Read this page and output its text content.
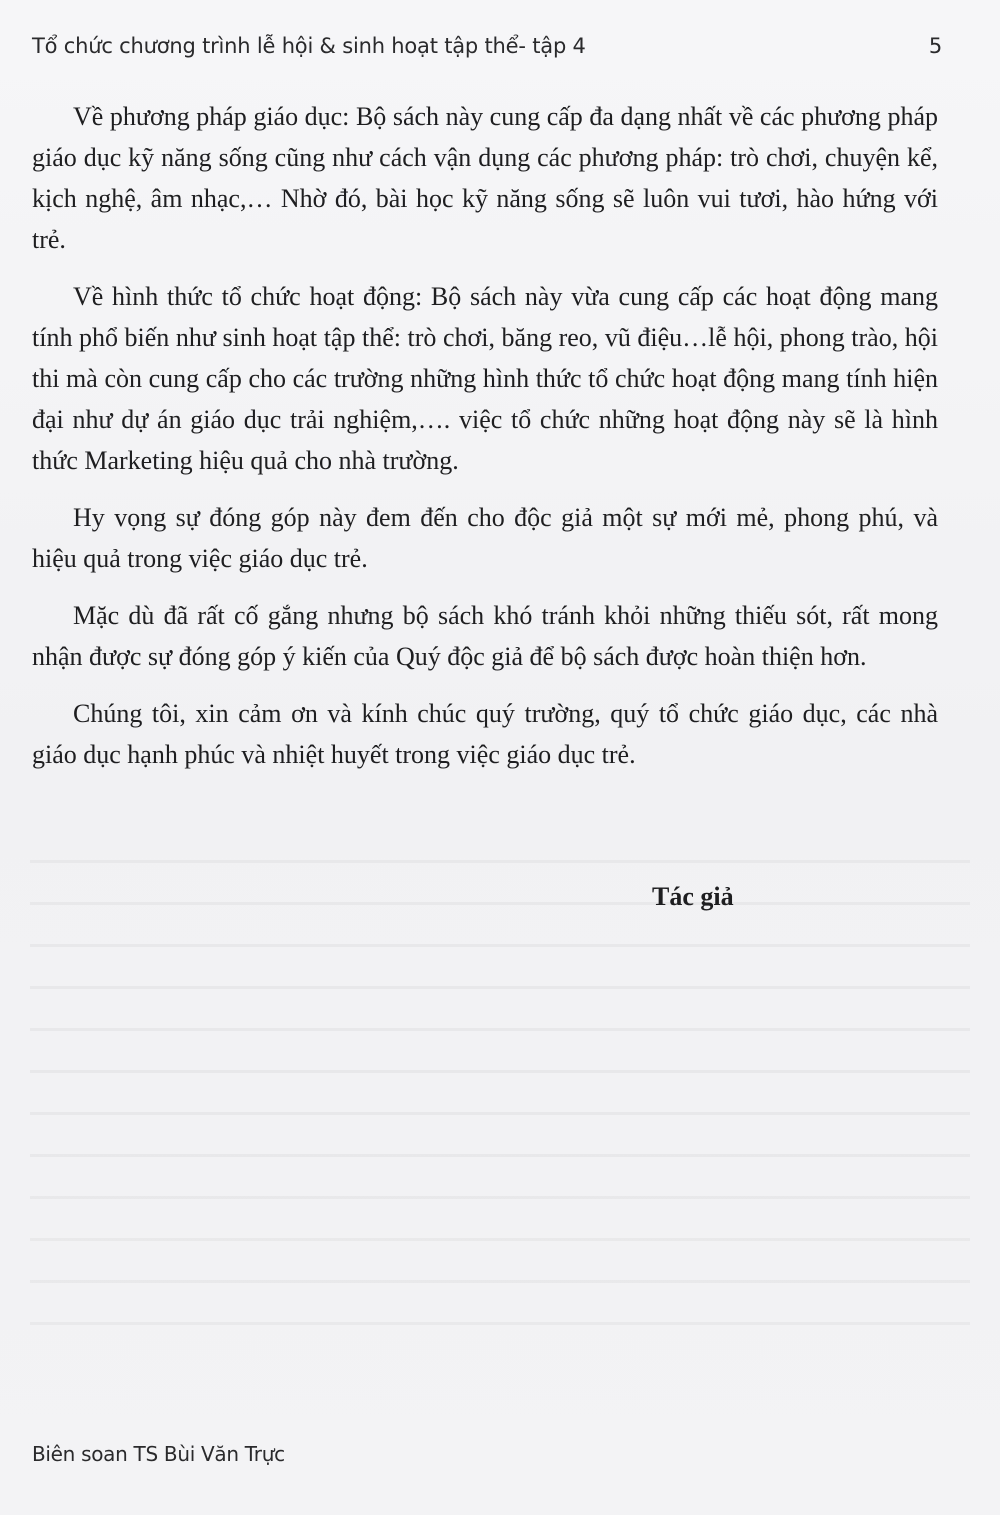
Tổ chức chương trình lễ hội & sinh hoạt tập thể- tập 4	5

Về phương pháp giáo dục: Bộ sách này cung cấp đa dạng nhất về các phương pháp giáo dục kỹ năng sống cũng như cách vận dụng các phương pháp: trò chơi, chuyện kể, kịch nghệ, âm nhạc,… Nhờ đó, bài học kỹ năng sống sẽ luôn vui tươi, hào hứng với trẻ.

Về hình thức tổ chức hoạt động: Bộ sách này vừa cung cấp các hoạt động mang tính phổ biến như sinh hoạt tập thể: trò chơi, băng reo, vũ điệu…lễ hội, phong trào, hội thi mà còn cung cấp cho các trường những hình thức tổ chức hoạt động mang tính hiện đại như dự án giáo dục trải nghiệm,…. việc tổ chức những hoạt động này sẽ là hình thức Marketing hiệu quả cho nhà trường.

Hy vọng sự đóng góp này đem đến cho độc giả một sự mới mẻ, phong phú, và hiệu quả trong việc giáo dục trẻ.

Mặc dù đã rất cố gắng nhưng bộ sách khó tránh khỏi những thiếu sót, rất mong nhận được sự đóng góp ý kiến của Quý độc giả để bộ sách được hoàn thiện hơn.

Chúng tôi, xin cảm ơn và kính chúc quý trường, quý tổ chức giáo dục, các nhà giáo dục hạnh phúc và nhiệt huyết trong việc giáo dục trẻ.

Tác giả
Biên soan TS Bùi Văn Trực
